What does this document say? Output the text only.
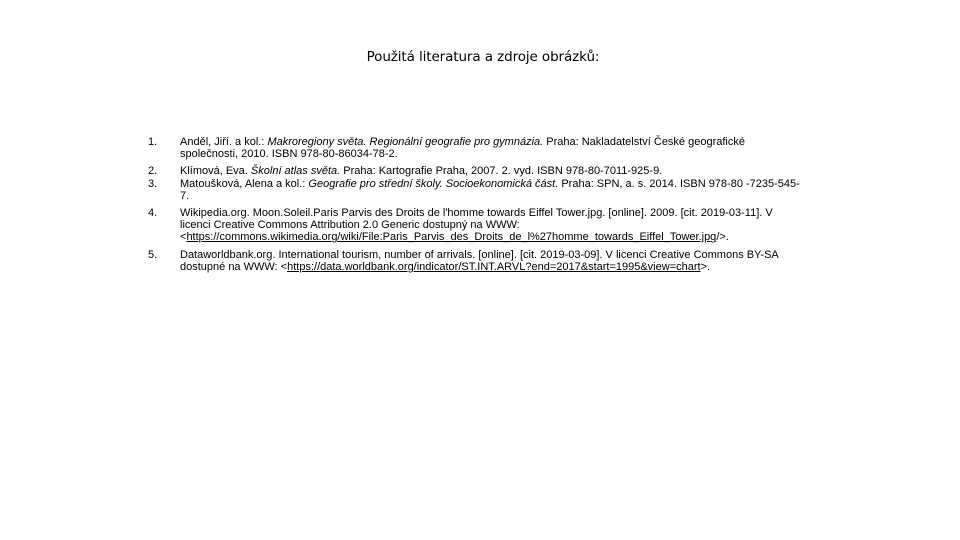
Použitá literatura a zdroje obrázků:
1. Anděl, Jiří. a kol.: Makroregiony světa. Regionální geografie pro gymnázia. Praha: Nakladatelství České geografické společnosti, 2010. ISBN 978-80-86034-78-2.
2. Klímová, Eva. Školní atlas světa. Praha: Kartografie Praha, 2007. 2. vyd. ISBN 978-80-7011-925-9.
3. Matoušková, Alena a kol.: Geografie pro střední školy. Socioekonomická část. Praha: SPN, a. s. 2014. ISBN 978-80 -7235-545-7.
4. Wikipedia.org. Moon.Soleil.Paris Parvis des Droits de l'homme towards Eiffel Tower.jpg. [online]. 2009. [cit. 2019-03-11]. V licenci Creative Commons Attribution 2.0 Generic dostupný na WWW: <https://commons.wikimedia.org/wiki/File:Paris_Parvis_des_Droits_de_l%27homme_towards_Eiffel_Tower.jpg/>.
5. Dataworldbank.org. International tourism, number of arrivals. [online]. [cit. 2019-03-09]. V licenci Creative Commons BY-SA dostupné na WWW: <https://data.worldbank.org/indicator/ST.INT.ARVL?end=2017&start=1995&view=chart>.
